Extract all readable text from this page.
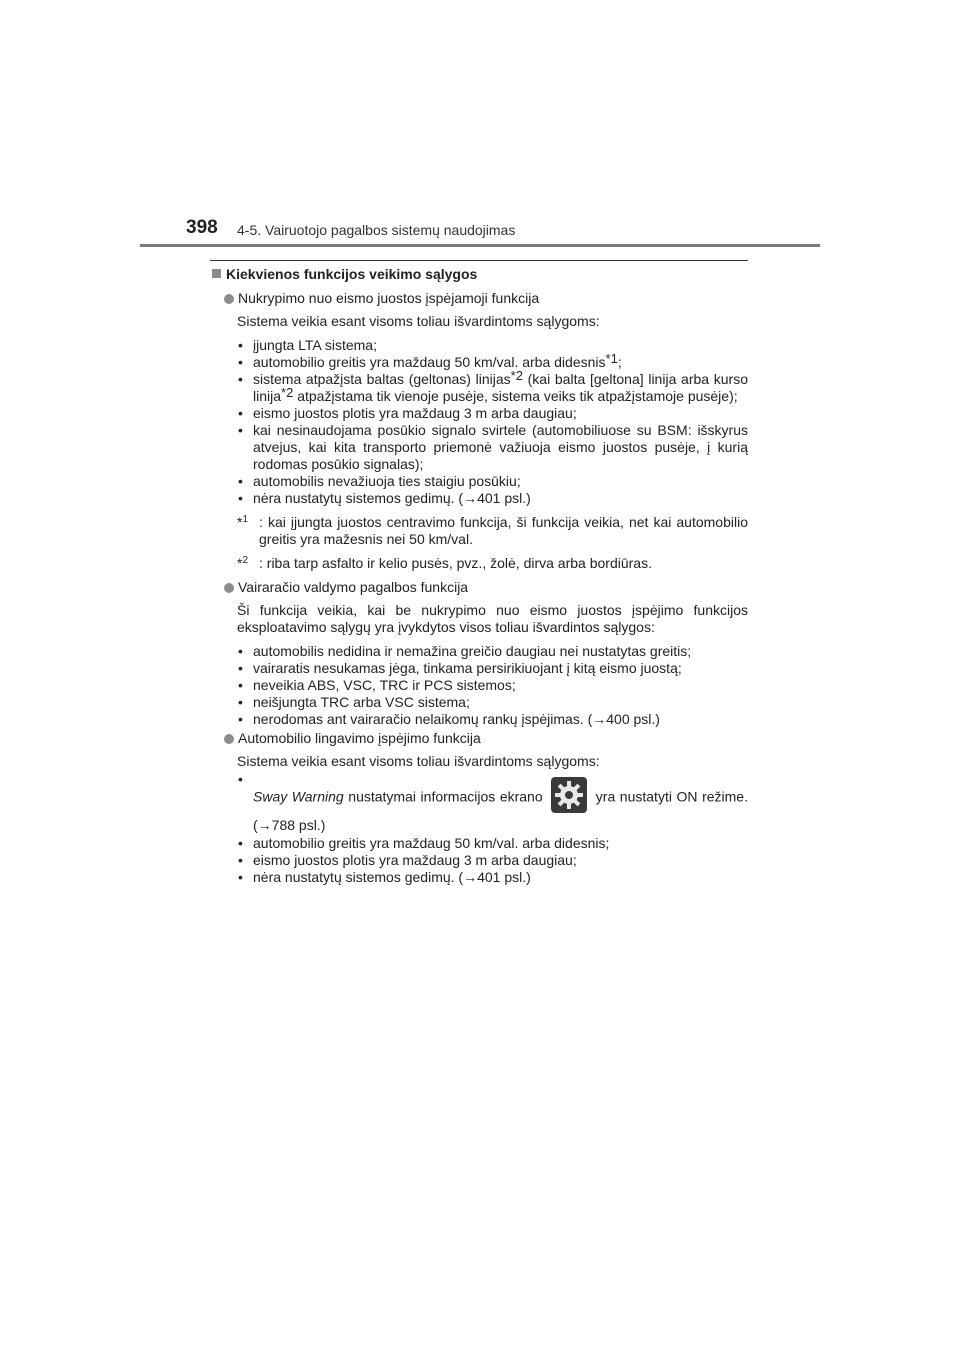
398 4-5. Vairuotojo pagalbos sistemų naudojimas

Kiekvienos funkcijos veikimo sąlygos

Nukrypimo nuo eismo juostos įspėjamoji funkcija

Sistema veikia esant visoms toliau išvardintoms sąlygoms:

• įjungta LTA sistema;
• automobilio greitis yra maždaug 50 km/val. arba didesnis$^{*1}$;
• sistema atpažįsta baltas (geltonas) linijas$^{*2}$ (kai balta [geltona] linija arba kurso linija$^{*2}$ atpažįstama tik vienoje pusėje, sistema veiks tik atpažįstamoje pusėje);
• eismo juostos plotis yra maždaug 3 m arba daugiau;
• kai nesinaudojama posūkio signalo svirtele (automobiliuose su BSM: išskyrus atvejus, kai kita transporto priemonė važiuoja eismo juostos pusėje, į kurią rodomas posūkio signalas);
• automobilis nevažiuoja ties staigiu posūkiu;
• nėra nustatytų sistemos gedimų. (→401 psl.)
*$^1$ : kai įjungta juostos centravimo funkcija, ši funkcija veikia, net kai automobilio greitis yra mažesnis nei 50 km/val.
*$^2$ : riba tarp asfalto ir kelio pusės, pvz., žolė, dirva arba bordiūras.
Vairaračio valdymo pagalbos funkcija

Ši funkcija veikia, kai be nukrypimo nuo eismo juostos įspėjimo funkcijos eksploatavimo sąlygų yra įvykdytos visos toliau išvardintos sąlygos:

• automobilis nedidina ir nemažina greičio daugiau nei nustatytas greitis;
• vairaratis nesukamas jėga, tinkama persirikiuojant į kitą eismo juostą;
• neveikia ABS, VSC, TRC ir PCS sistemos;
• neišjungta TRC arba VSC sistema;
• nerodomas ant vairaračio nelaikomų rankų įspėjimas. (→400 psl.)
Automobilio lingavimo įspėjimo funkcija

Sistema veikia esant visoms toliau išvardintoms sąlygoms:

• Sway Warning nustatymai informacijos ekrano	yra nustatyti ON režime. (→788 psl.)
• automobilio greitis yra maždaug 50 km/val. arba didesnis;
• eismo juostos plotis yra maždaug 3 m arba daugiau;
• nėra nustatytų sistemos gedimų. (→401 psl.)
